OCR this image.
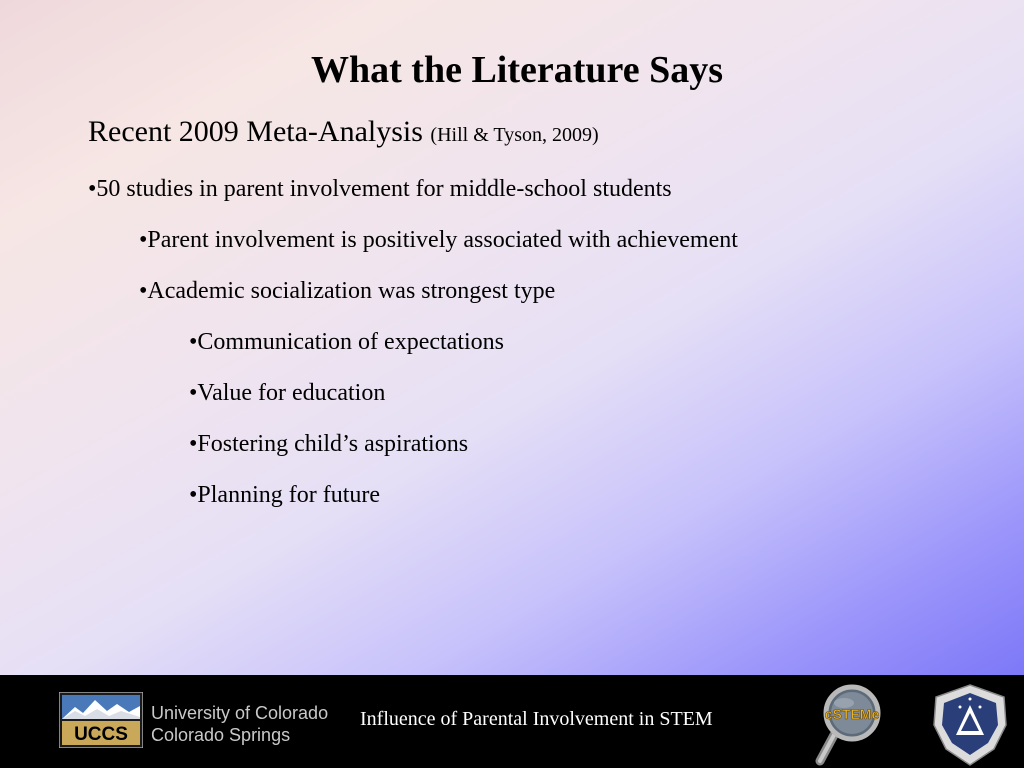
What the Literature Says
Recent 2009 Meta-Analysis (Hill & Tyson, 2009)
•50 studies in parent involvement for middle-school students
•Parent involvement is positively associated with achievement
•Academic socialization was strongest type
•Communication of expectations
•Value for education
•Fostering child’s aspirations
•Planning for future
UCCS
University of Colorado
Colorado Springs
Influence of Parental Involvement in STEM	cSTEMe
